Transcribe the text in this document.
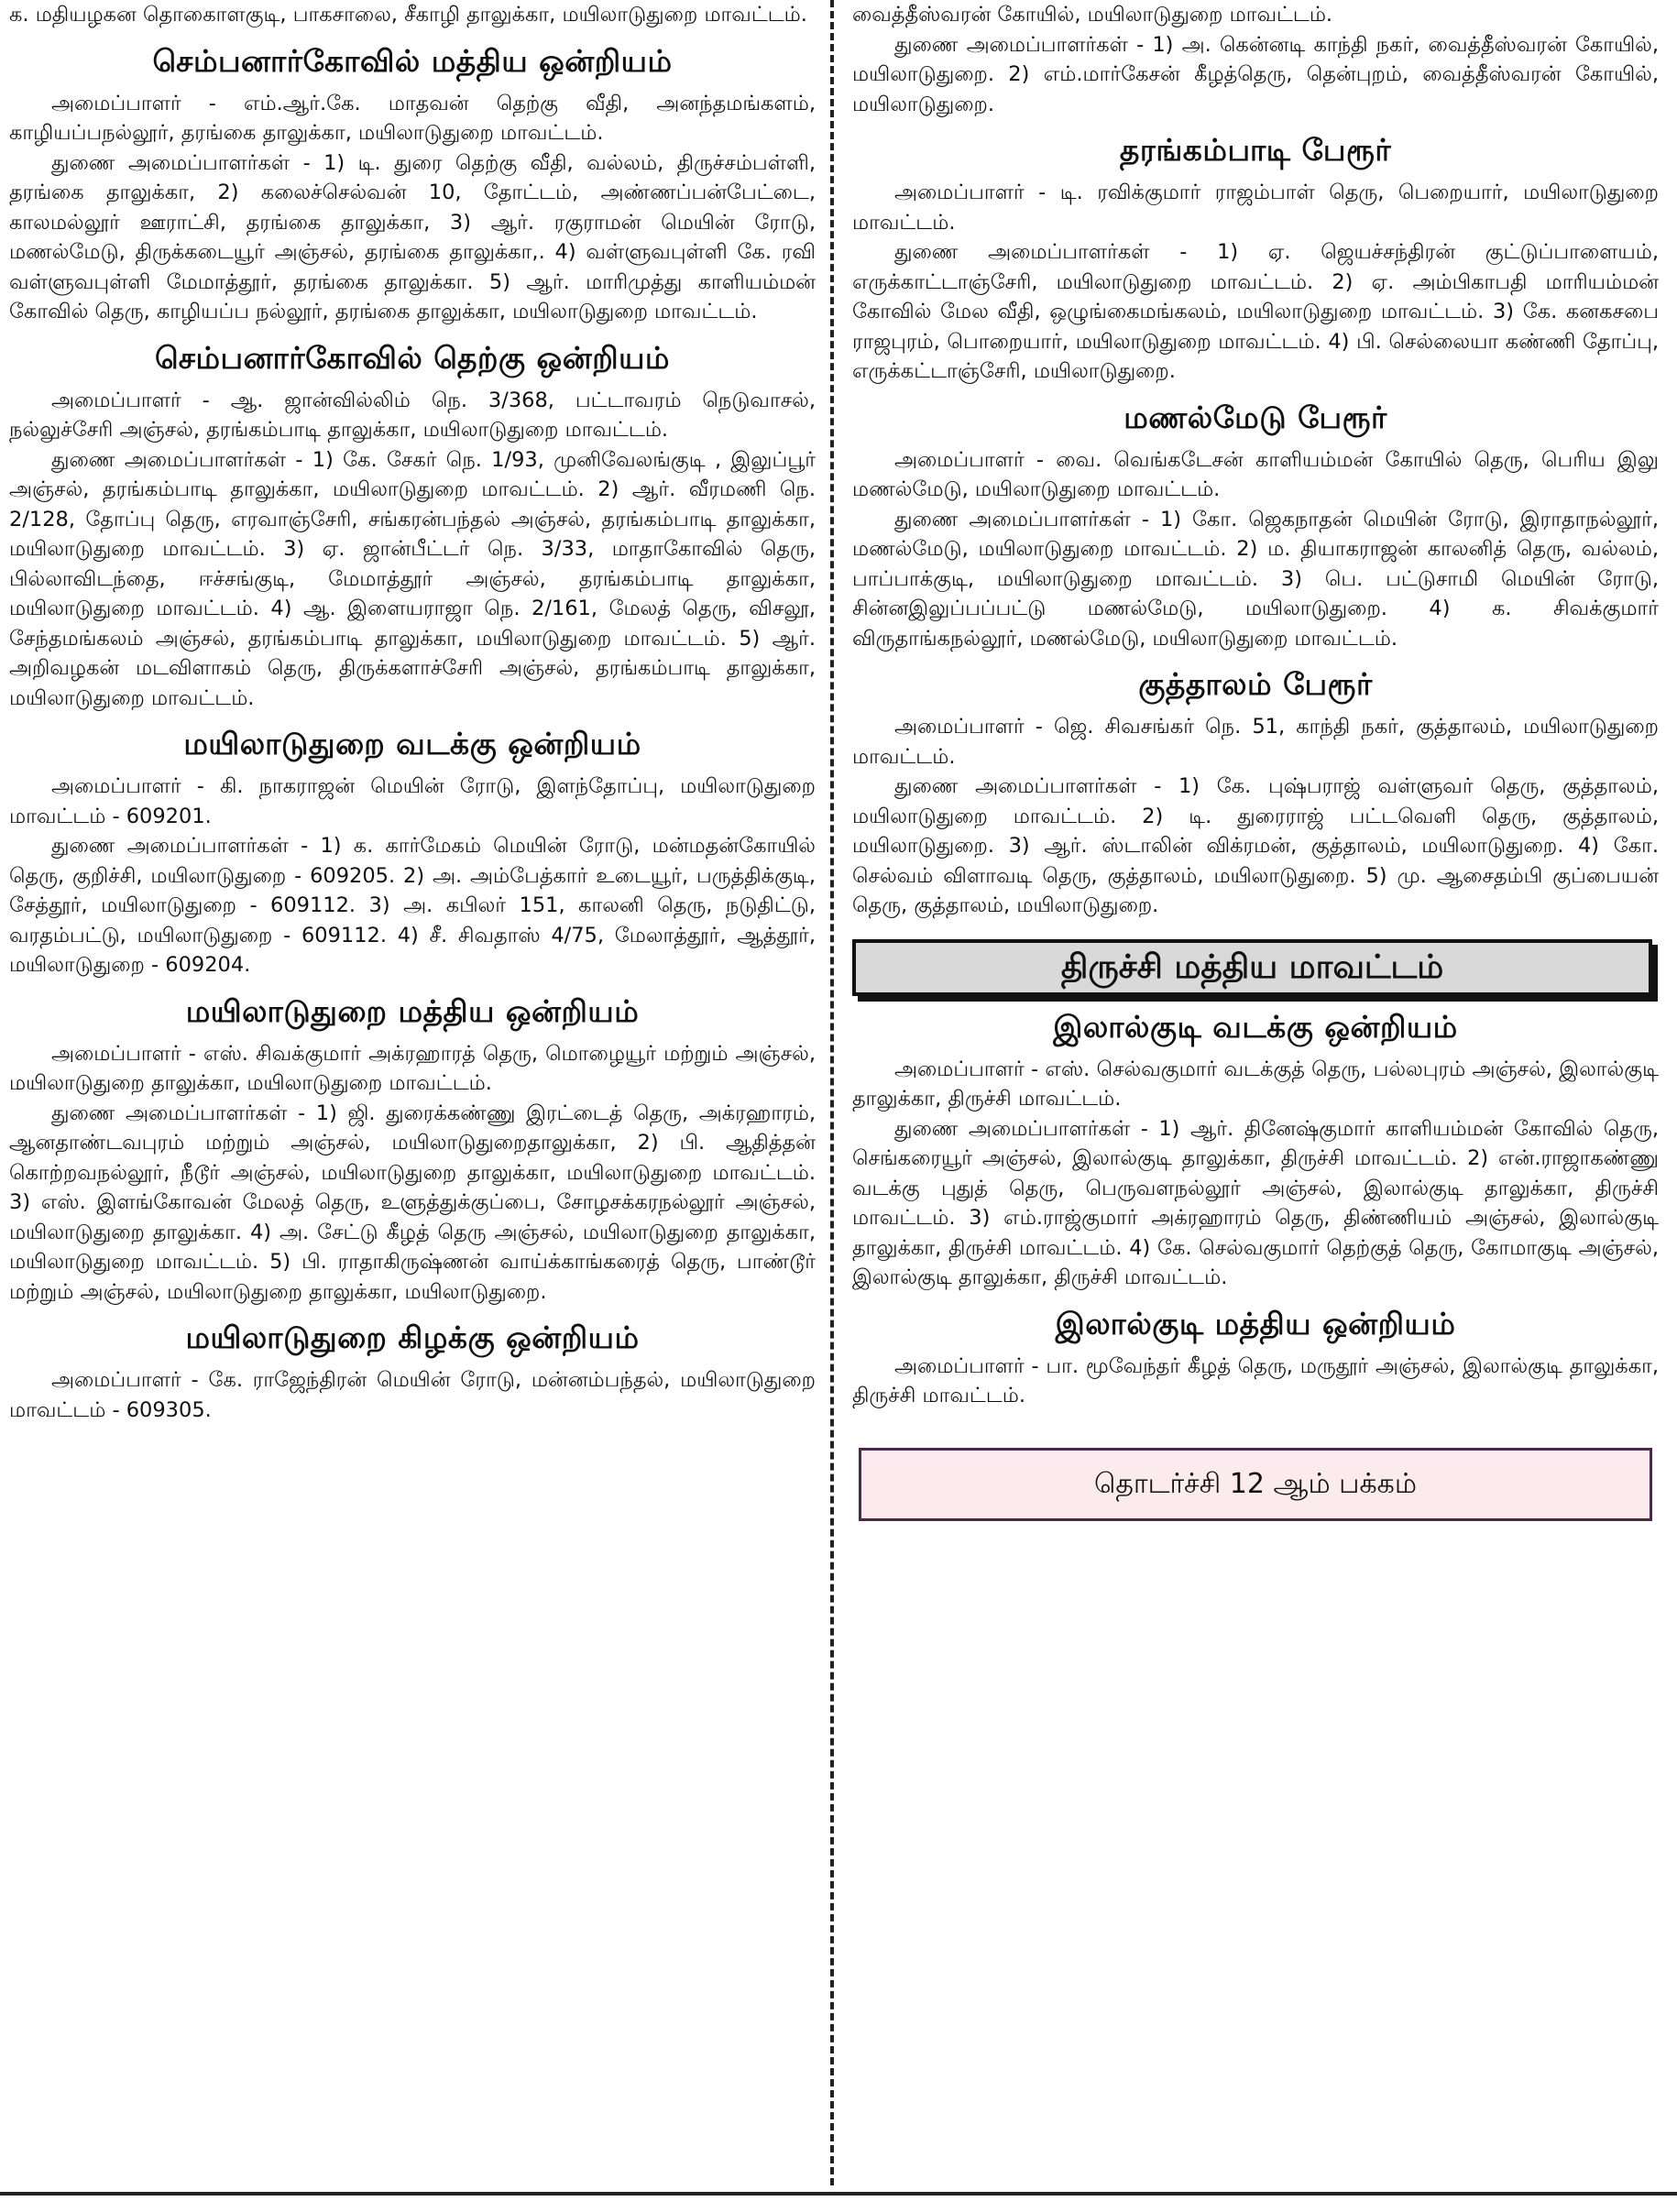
க. மதியழகன தொகைாளகுடி, பாகசாலை, சீகாழி தாலுக்கா, மயிலாடுதுறை மாவட்டம்.

செம்பனார்கோவில் மத்திய ஒன்றியம்

அமைப்பாளர் - எம்.ஆர்.கே. மாதவன் தெற்கு வீதி, அனந்தமங்களம், காழியப்பநல்லூர், தரங்கை தாலுக்கா, மயிலாடுதுறை மாவட்டம்.

துணை அமைப்பாளர்கள் - 1) டி. துரை தெற்கு வீதி, வல்லம், திருச்சம்பள்ளி, தரங்கை தாலுக்கா, 2) கலைச்செல்வன் 10, தோட்டம், அண்ணப்பன்பேட்டை, காலமல்லூர் ஊராட்சி, தரங்கை தாலுக்கா, 3) ஆர். ரகுராமன் மெயின் ரோடு, மணல்மேடு, திருக்கடையூர் அஞ்சல், தரங்கை தாலுக்கா,. 4) வள்ளுவபுள்ளி கே. ரவி வள்ளுவபுள்ளி மேமாத்தூர், தரங்கை தாலுக்கா. 5) ஆர். மாரிமுத்து காளியம்மன் கோவில் தெரு, காழியப்ப நல்லூர், தரங்கை தாலுக்கா, மயிலாடுதுறை மாவட்டம்.

செம்பனார்கோவில் தெற்கு ஒன்றியம்

அமைப்பாளர் - ஆ. ஜான்வில்லிம் நெ. 3/368, பட்டாவரம் நெடுவாசல், நல்லுச்சேரி அஞ்சல், தரங்கம்பாடி தாலுக்கா, மயிலாடுதுறை மாவட்டம்.

துணை அமைப்பாளர்கள் - 1) கே. சேகர் நெ. 1/93, முனிவேலங்குடி , இலுப்பூர் அஞ்சல், தரங்கம்பாடி தாலுக்கா, மயிலாடுதுறை மாவட்டம். 2) ஆர். வீரமணி நெ. 2/128, தோப்பு தெரு, எரவாஞ்சேரி, சங்கரன்பந்தல் அஞ்சல், தரங்கம்பாடி தாலுக்கா, மயிலாடுதுறை மாவட்டம். 3) ஏ. ஜான்பீட்டர் நெ. 3/33, மாதாகோவில் தெரு, பில்லாவிடந்தை, ஈச்சங்குடி, மேமாத்தூர் அஞ்சல், தரங்கம்பாடி தாலுக்கா, மயிலாடுதுறை மாவட்டம். 4) ஆ. இளையராஜா நெ. 2/161, மேலத் தெரு, விசலூ, சேந்தமங்கலம் அஞ்சல், தரங்கம்பாடி தாலுக்கா, மயிலாடுதுறை மாவட்டம். 5) ஆர். அறிவழகன் மடவிளாகம் தெரு, திருக்களாச்சேரி அஞ்சல், தரங்கம்பாடி தாலுக்கா, மயிலாடுதுறை மாவட்டம்.

மயிலாடுதுறை வடக்கு ஒன்றியம்

அமைப்பாளர் - கி. நாகராஜன் மெயின் ரோடு, இளந்தோப்பு, மயிலாடுதுறை மாவட்டம் - 609201.

துணை அமைப்பாளர்கள் - 1) க. கார்மேகம் மெயின் ரோடு, மன்மதன்கோயில் தெரு, குறிச்சி, மயிலாடுதுறை - 609205. 2) அ. அம்பேத்கார் உடையூர், பருத்திக்குடி, சேத்தூர், மயிலாடுதுறை - 609112. 3) அ. கபிலர் 151, காலனி தெரு, நடுதிட்டு, வரதம்பட்டு, மயிலாடுதுறை - 609112. 4) சீ. சிவதாஸ் 4/75, மேலாத்தூர், ஆத்தூர், மயிலாடுதுறை - 609204.

மயிலாடுதுறை மத்திய ஒன்றியம்

அமைப்பாளர் - எஸ். சிவக்குமார் அக்ரஹாரத் தெரு, மொழையூர் மற்றும் அஞ்சல், மயிலாடுதுறை தாலுக்கா, மயிலாடுதுறை மாவட்டம்.

துணை அமைப்பாளர்கள் - 1) ஜி. துரைக்கண்ணு இரட்டைத் தெரு, அக்ரஹாரம், ஆனதாண்டவபுரம் மற்றும் அஞ்சல், மயிலாடுதுறைதாலுக்கா, 2) பி. ஆதித்தன் கொற்றவநல்லூர், நீடூர் அஞ்சல், மயிலாடுதுறை தாலுக்கா, மயிலாடுதுறை மாவட்டம். 3) எஸ். இளங்கோவன் மேலத் தெரு, உளுத்துக்குப்பை, சோழசக்கரநல்லூர் அஞ்சல், மயிலாடுதுறை தாலுக்கா. 4) அ. சேட்டு கீழத் தெரு அஞ்சல், மயிலாடுதுறை தாலுக்கா, மயிலாடுதுறை மாவட்டம். 5) பி. ராதாகிருஷ்ணன் வாய்க்காங்கரைத் தெரு, பாண்டூர் மற்றும் அஞ்சல், மயிலாடுதுறை தாலுக்கா, மயிலாடுதுறை.

மயிலாடுதுறை கிழக்கு ஒன்றியம்

அமைப்பாளர் - கே. ராஜேந்திரன் மெயின் ரோடு, மன்னம்பந்தல், மயிலாடுதுறை மாவட்டம் - 609305.

வைத்தீஸ்வரன் கோயில், மயிலாடுதுறை மாவட்டம்.

துணை அமைப்பாளர்கள் - 1) அ. கென்னடி காந்தி நகர், வைத்தீஸ்வரன் கோயில், மயிலாடுதுறை. 2) எம்.மார்கேசன் கீழத்தெரு, தென்புறம், வைத்தீஸ்வரன் கோயில், மயிலாடுதுறை.

தரங்கம்பாடி பேரூர்

அமைப்பாளர் - டி. ரவிக்குமார் ராஜம்பாள் தெரு, பெறையார், மயிலாடுதுறை மாவட்டம்.

துணை அமைப்பாளர்கள் - 1) ஏ. ஜெயச்சந்திரன் குட்டுப்பாளையம், எருக்காட்டாஞ்சேரி, மயிலாடுதுறை மாவட்டம். 2) ஏ. அம்பிகாபதி மாரியம்மன் கோவில் மேல வீதி, ஒழுங்கைமங்கலம், மயிலாடுதுறை மாவட்டம். 3) கே. கனகசபை ராஜபுரம், பொறையார், மயிலாடுதுறை மாவட்டம். 4) பி. செல்லையா கண்ணி தோப்பு, எருக்கட்டாஞ்சேரி, மயிலாடுதுறை.

மணல்மேடு பேரூர்

அமைப்பாளர் - வை. வெங்கடேசன் காளியம்மன் கோயில் தெரு, பெரிய இலு மணல்மேடு, மயிலாடுதுறை மாவட்டம்.

துணை அமைப்பாளர்கள் - 1) கோ. ஜெகநாதன் மெயின் ரோடு, இராதாநல்லூர், மணல்மேடு, மயிலாடுதுறை மாவட்டம். 2) ம. தியாகராஜன் காலனித் தெரு, வல்லம், பாப்பாக்குடி, மயிலாடுதுறை மாவட்டம். 3) பெ. பட்டுசாமி மெயின் ரோடு, சின்னஇலுப்பப்பட்டு மணல்மேடு, மயிலாடுதுறை. 4) க. சிவக்குமார் விருதாங்கநல்லூர், மணல்மேடு, மயிலாடுதுறை மாவட்டம்.

குத்தாலம் பேரூர்

அமைப்பாளர் - ஜெ. சிவசங்கர் நெ. 51, காந்தி நகர், குத்தாலம், மயிலாடுதுறை மாவட்டம்.

துணை அமைப்பாளர்கள் - 1) கே. புஷ்பராஜ் வள்ளுவர் தெரு, குத்தாலம், மயிலாடுதுறை மாவட்டம். 2) டி. துரைராஜ் பட்டவெளி தெரு, குத்தாலம், மயிலாடுதுறை. 3) ஆர். ஸ்டாலின் விக்ரமன், குத்தாலம், மயிலாடுதுறை. 4) கோ. செல்வம் விளாவடி தெரு, குத்தாலம், மயிலாடுதுறை. 5) மு. ஆசைதம்பி குப்பையன் தெரு, குத்தாலம், மயிலாடுதுறை.

திருச்சி மத்திய மாவட்டம்
இலால்குடி வடக்கு ஒன்றியம்

அமைப்பாளர் - எஸ். செல்வகுமார் வடக்குத் தெரு, பல்லபுரம் அஞ்சல், இலால்குடி தாலுக்கா, திருச்சி மாவட்டம்.

துணை அமைப்பாளர்கள் - 1) ஆர். தினேஷ்குமார் காளியம்மன் கோவில் தெரு, செங்கரையூர் அஞ்சல், இலால்குடி தாலுக்கா, திருச்சி மாவட்டம். 2) என்.ராஜாகண்ணு வடக்கு புதுத் தெரு, பெருவளநல்லூர் அஞ்சல், இலால்குடி தாலுக்கா, திருச்சி மாவட்டம். 3) எம்.ராஜ்குமார் அக்ரஹாரம் தெரு, திண்ணியம் அஞ்சல், இலால்குடி தாலுக்கா, திருச்சி மாவட்டம். 4) கே. செல்வகுமார் தெற்குத் தெரு, கோமாகுடி அஞ்சல், இலால்குடி தாலுக்கா, திருச்சி மாவட்டம்.

இலால்குடி மத்திய ஒன்றியம்

அமைப்பாளர் - பா. மூவேந்தர் கீழத் தெரு, மருதூர் அஞ்சல், இலால்குடி தாலுக்கா, திருச்சி மாவட்டம்.

தொடர்ச்சி 12 ஆம் பக்கம்
